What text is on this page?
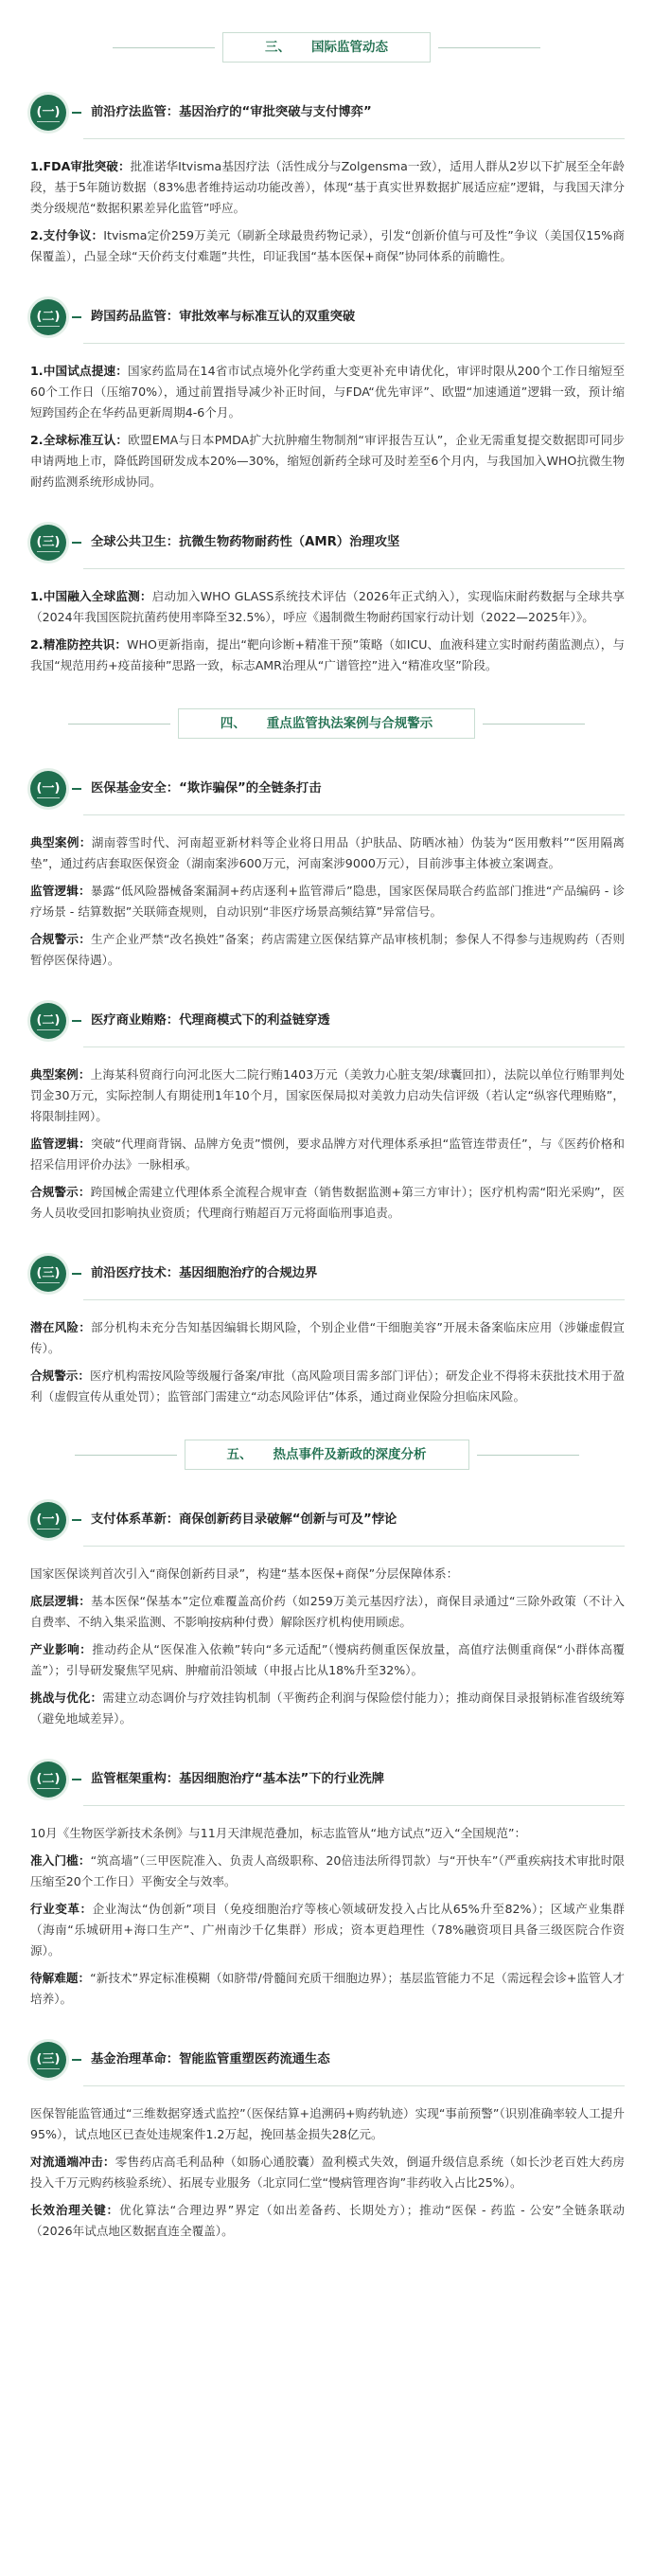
三、 国际监管动态
(一)	前沿疗法监管：基因治疗的“审批突破与支付博弈”

1.FDA审批突破：批准诺华Itvisma基因疗法（活性成分与Zolgensma一致），适用人群从2岁以下扩展至全年龄段，基于5年随访数据（83%患者维持运动功能改善），体现“基于真实世界数据扩展适应症”逻辑，与我国天津分类分级规范“数据积累差异化监管”呼应。

2.支付争议：Itvisma定价259万美元（刷新全球最贵药物记录），引发“创新价值与可及性”争议（美国仅15%商保覆盖），凸显全球“天价药支付难题”共性，印证我国“基本医保+商保”协同体系的前瞻性。

(二)	跨国药品监管：审批效率与标准互认的双重突破

1.中国试点提速：国家药监局在14省市试点境外化学药重大变更补充申请优化，审评时限从200个工作日缩短至60个工作日（压缩70%），通过前置指导减少补正时间，与FDA“优先审评”、欧盟“加速通道”逻辑一致，预计缩短跨国药企在华药品更新周期4-6个月。

2.全球标准互认：欧盟EMA与日本PMDA扩大抗肿瘤生物制剂“审评报告互认”，企业无需重复提交数据即可同步申请两地上市，降低跨国研发成本20%—30%，缩短创新药全球可及时差至6个月内，与我国加入WHO抗微生物耐药监测系统形成协同。

(三)	全球公共卫生：抗微生物药物耐药性（AMR）治理攻坚

1.中国融入全球监测：启动加入WHO GLASS系统技术评估（2026年正式纳入），实现临床耐药数据与全球共享（2024年我国医院抗菌药使用率降至32.5%），呼应《遏制微生物耐药国家行动计划（2022—2025年）》。

2.精准防控共识：WHO更新指南，提出“靶向诊断+精准干预”策略（如ICU、血液科建立实时耐药菌监测点），与我国“规范用药+疫苗接种”思路一致，标志AMR治理从“广谱管控”进入“精准攻坚”阶段。

四、 重点监管执法案例与合规警示
(一)	医保基金安全：“欺诈骗保”的全链条打击

典型案例：湖南蓉雪时代、河南超亚新材料等企业将日用品（护肤品、防晒冰袖）伪装为“医用敷料”“医用隔离垫”，通过药店套取医保资金（湖南案涉600万元，河南案涉9000万元），目前涉事主体被立案调查。

监管逻辑：暴露“低风险器械备案漏洞+药店逐利+监管滞后”隐患，国家医保局联合药监部门推进“产品编码 - 诊疗场景 - 结算数据”关联筛查规则，自动识别“非医疗场景高频结算”异常信号。

合规警示：生产企业严禁“改名换姓”备案；药店需建立医保结算产品审核机制；参保人不得参与违规购药（否则暂停医保待遇）。

(二)	医疗商业贿赂：代理商模式下的利益链穿透

典型案例：上海某科贸商行向河北医大二院行贿1403万元（美敦力心脏支架/球囊回扣），法院以单位行贿罪判处罚金30万元，实际控制人有期徒刑1年10个月，国家医保局拟对美敦力启动失信评级（若认定“纵容代理贿赂”，将限制挂网）。

监管逻辑：突破“代理商背锅、品牌方免责”惯例，要求品牌方对代理体系承担“监管连带责任”，与《医药价格和招采信用评价办法》一脉相承。

合规警示：跨国械企需建立代理体系全流程合规审查（销售数据监测+第三方审计）；医疗机构需“阳光采购”，医务人员收受回扣影响执业资质；代理商行贿超百万元将面临刑事追责。

(三)	前沿医疗技术：基因细胞治疗的合规边界

潜在风险：部分机构未充分告知基因编辑长期风险，个别企业借“干细胞美容”开展未备案临床应用（涉嫌虚假宣传）。

合规警示：医疗机构需按风险等级履行备案/审批（高风险项目需多部门评估）；研发企业不得将未获批技术用于盈利（虚假宣传从重处罚）；监管部门需建立“动态风险评估”体系，通过商业保险分担临床风险。

五、 热点事件及新政的深度分析
(一)	支付体系革新：商保创新药目录破解“创新与可及”悖论

国家医保谈判首次引入“商保创新药目录”，构建“基本医保+商保”分层保障体系：

底层逻辑：基本医保“保基本”定位难覆盖高价药（如259万美元基因疗法），商保目录通过“三除外政策（不计入自费率、不纳入集采监测、不影响按病种付费）解除医疗机构使用顾虑。

产业影响：推动药企从“医保准入依赖”转向“多元适配”（慢病药侧重医保放量，高值疗法侧重商保“小群体高覆盖”）；引导研发聚焦罕见病、肿瘤前沿领域（申报占比从18%升至32%）。

挑战与优化：需建立动态调价与疗效挂钩机制（平衡药企利润与保险偿付能力）；推动商保目录报销标准省级统筹（避免地域差异）。

(二)	监管框架重构：基因细胞治疗“基本法”下的行业洗牌

10月《生物医学新技术条例》与11月天津规范叠加，标志监管从“地方试点”迈入“全国规范”：

准入门槛：“筑高墙”（三甲医院准入、负责人高级职称、20倍违法所得罚款）与“开快车”（严重疾病技术审批时限压缩至20个工作日）平衡安全与效率。

行业变革：企业淘汰“伪创新”项目（免疫细胞治疗等核心领域研发投入占比从65%升至82%）；区域产业集群（海南“乐城研用+海口生产”、广州南沙千亿集群）形成；资本更趋理性（78%融资项目具备三级医院合作资源）。

待解难题：“新技术”界定标准模糊（如脐带/骨髓间充质干细胞边界）；基层监管能力不足（需远程会诊+监管人才培养）。

(三)	基金治理革命：智能监管重塑医药流通生态

医保智能监管通过“三维数据穿透式监控”（医保结算+追溯码+购药轨迹）实现“事前预警”（识别准确率较人工提升95%），试点地区已查处违规案件1.2万起，挽回基金损失28亿元。

对流通端冲击：零售药店高毛利品种（如肠心通胶囊）盈利模式失效，倒逼升级信息系统（如长沙老百姓大药房投入千万元购药核验系统）、拓展专业服务（北京同仁堂“慢病管理咨询”非药收入占比25%）。

长效治理关键：优化算法“合理边界”界定（如出差备药、长期处方）；推动“医保 - 药监 - 公安”全链条联动（2026年试点地区数据直连全覆盖）。
